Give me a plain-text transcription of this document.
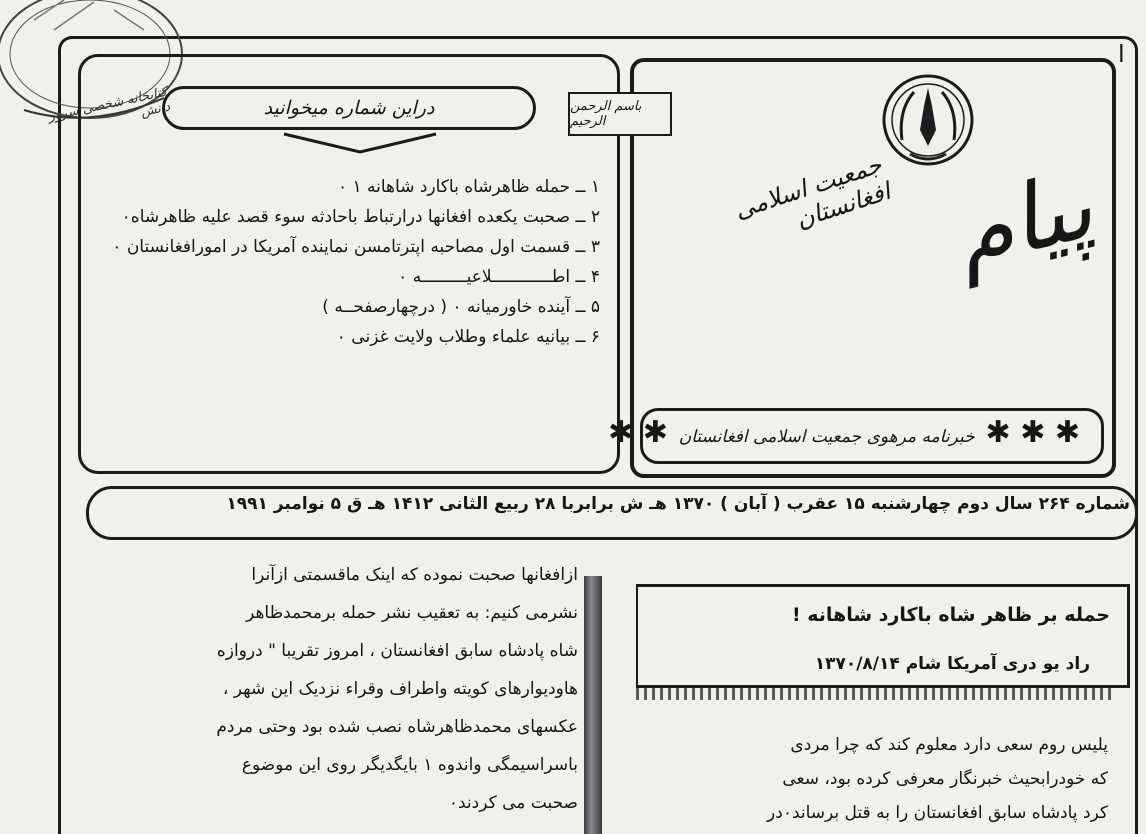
کتابخانه شخصی سرور دانش
ا
پیام
جمعیت اسلامی افغانستان
✱ ✱ ✱  خبرنامه مرهوی جمعیت اسلامی افغانستان  ✱ ✱
باسم الرحمن الرحیم
دراین شماره میخوانید

۱ ــ حمله ظاهرشاه باکارد شاهانه ۱ ۰

۲ ــ صحبت یکعده افغانها درارتباط باحادثه سوء قصد علیه ظاهرشاه۰

۳ ــ قسمت اول مصاحبه اپترتامسن نماینده آمریکا در امورافغانستان ۰

۴ ــ اطــــــــــــلاعیـــــــــه ۰

۵ ــ آینده خاورمیانه ۰ ( درچهارصفحــه )

۶ ــ بیانیه علماء وطلاب ولایت غزنی ۰

شماره ۲۶۴ سال دوم چهارشنبه ۱۵ عقرب ( آبان ) ۱۳۷۰ هـ ش برابربا ۲۸ ربیع الثانی ۱۴۱۲ هـ ق ۵ نوامبر ۱۹۹۱

ازافغانها صحبت نموده که اینک ماقسمتی ازآنرا

نشرمی کنیم: به تعقیب نشر حمله برمحمدظاهر

شاه پادشاه سابق افغانستان ، امروز تقریبا " دروازه

هاودیوارهای کویته واطراف وقراء نزدیک این شهر ،

عکسهای محمدظاهرشاه نصب شده بود وحتی مردم

باسراسیمگی واندوه ۱ بایگدیگر روی این موضوع

صحبت می کردند۰

حمله بر ظاهر شاه باکارد شاهانه !
راد یو دری آمریکا شام ۱۳۷۰/۸/۱۴

پلیس روم سعی دارد معلوم کند که چرا مردی

که خودرابحیث خبرنگار معرفی کرده بود، سعی

کرد پادشاه سابق افغانستان را به قتل برساند۰در
